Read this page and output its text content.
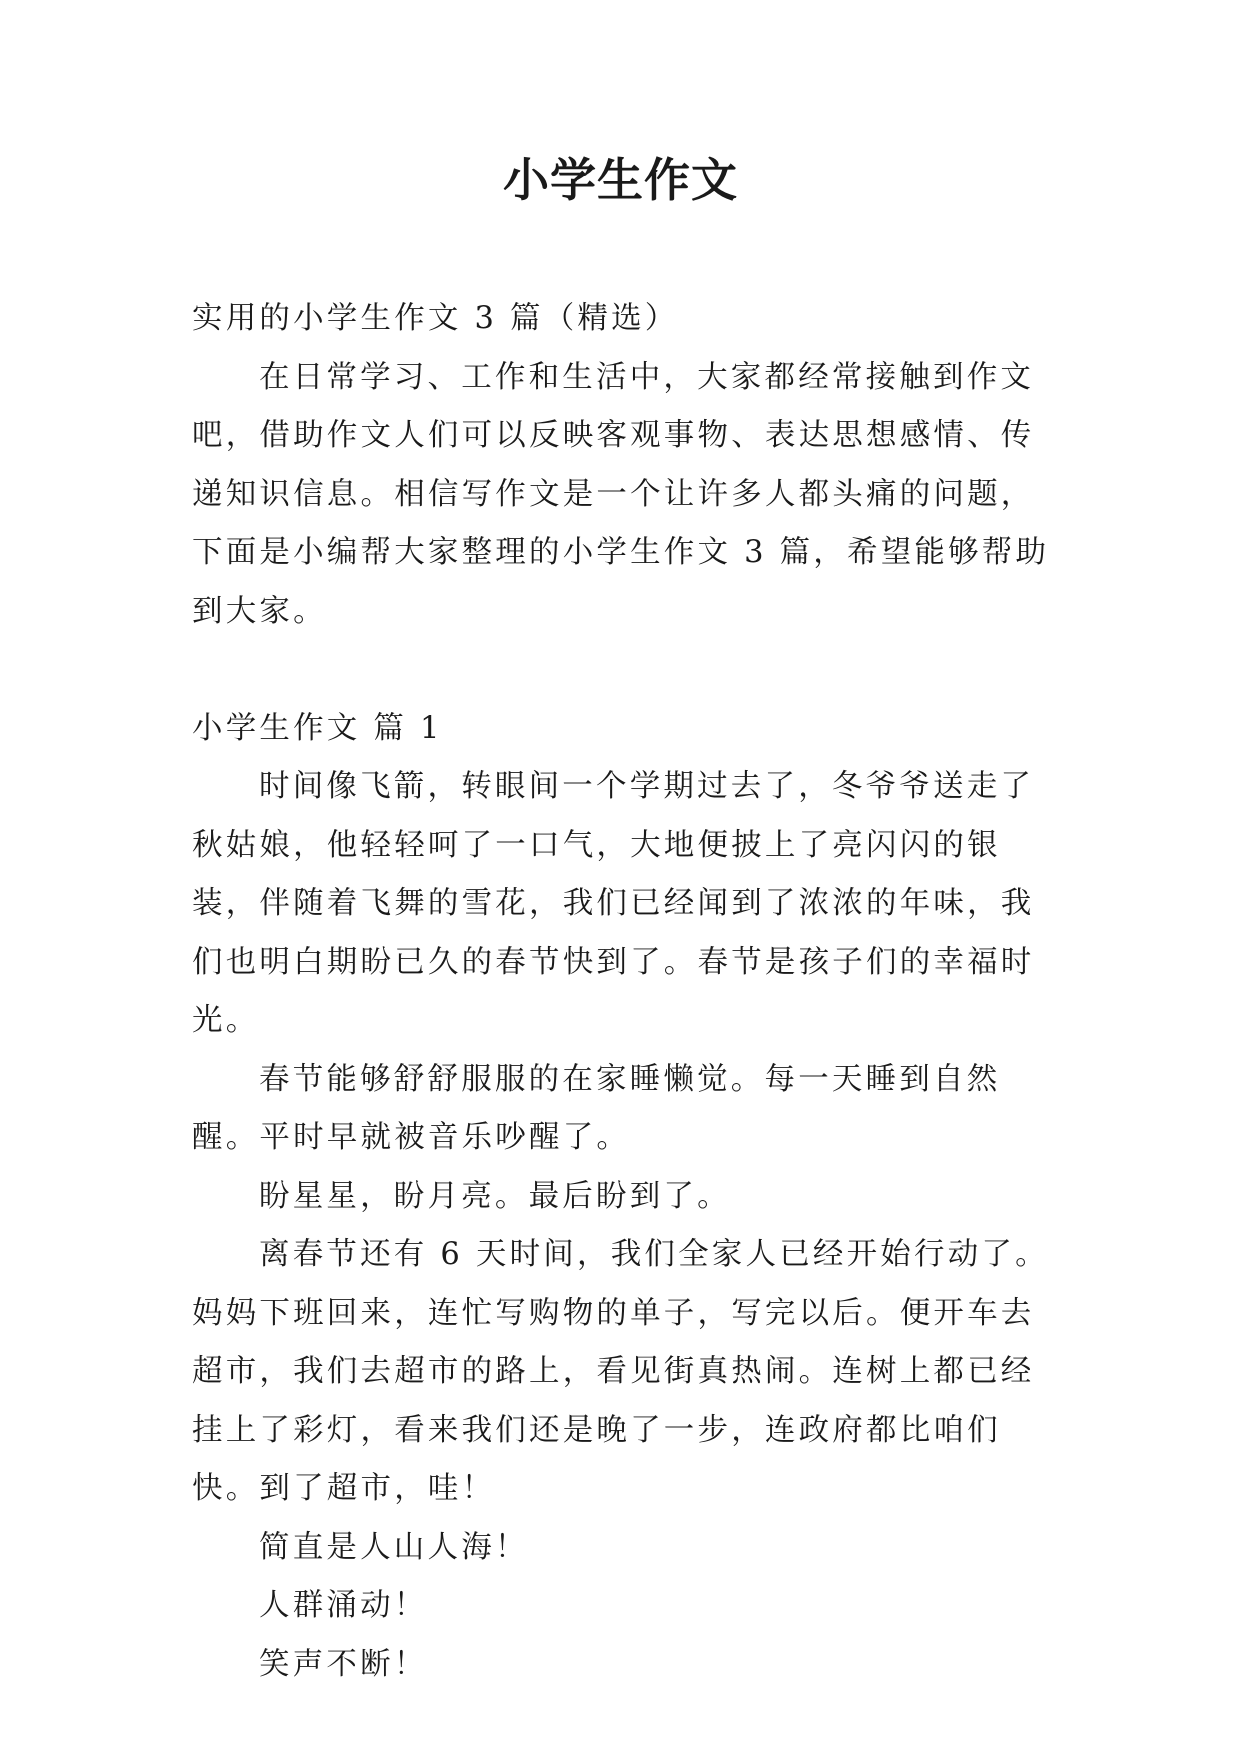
小学生作文

实用的小学生作文 3 篇（精选）

在日常学习、工作和生活中，大家都经常接触到作文吧，借助作文人们可以反映客观事物、表达思想感情、传递知识信息。相信写作文是一个让许多人都头痛的问题，下面是小编帮大家整理的小学生作文 3 篇，希望能够帮助到大家。

小学生作文 篇 1

时间像飞箭，转眼间一个学期过去了，冬爷爷送走了秋姑娘，他轻轻呵了一口气，大地便披上了亮闪闪的银装，伴随着飞舞的雪花，我们已经闻到了浓浓的年味，我们也明白期盼已久的春节快到了。春节是孩子们的幸福时光。

春节能够舒舒服服的在家睡懒觉。每一天睡到自然醒。平时早就被音乐吵醒了。

盼星星，盼月亮。最后盼到了。

离春节还有 6 天时间，我们全家人已经开始行动了。妈妈下班回来，连忙写购物的单子，写完以后。便开车去超市，我们去超市的路上，看见街真热闹。连树上都已经挂上了彩灯，看来我们还是晚了一步，连政府都比咱们快。到了超市，哇！

简直是人山人海！

人群涌动！

笑声不断！
